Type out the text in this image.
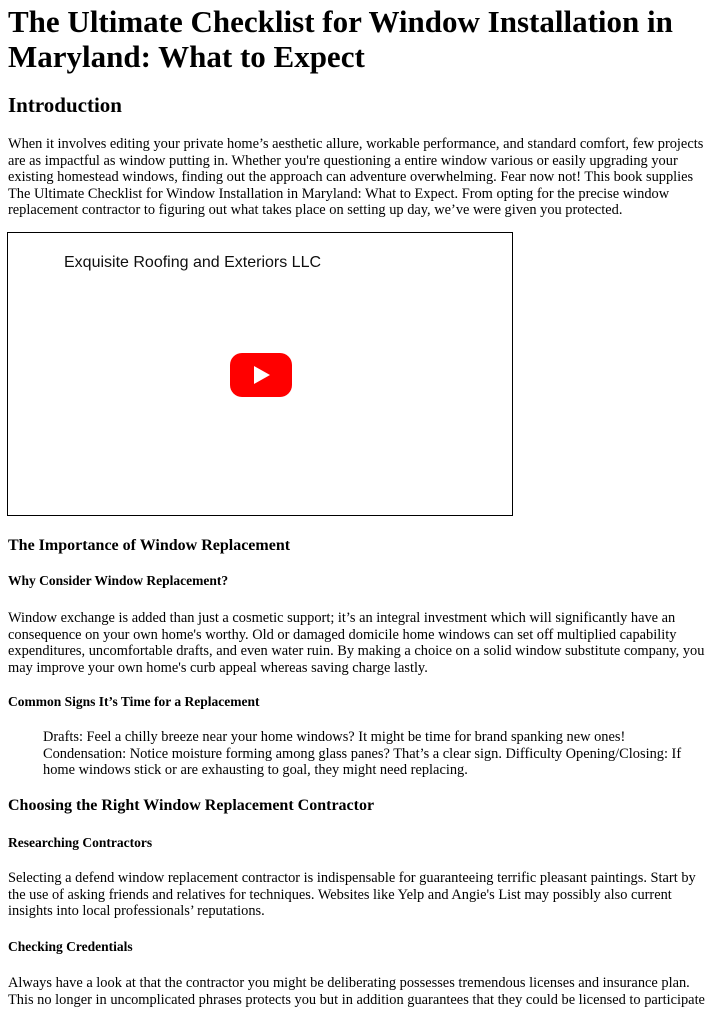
The Ultimate Checklist for Window Installation in Maryland: What to Expect
Introduction

When it involves editing your private home’s aesthetic allure, workable performance, and standard comfort, few projects are as impactful as window putting in. Whether you're questioning a entire window various or easily upgrading your existing homestead windows, finding out the approach can adventure overwhelming. Fear now not! This book supplies The Ultimate Checklist for Window Installation in Maryland: What to Expect. From opting for the precise window replacement contractor to figuring out what takes place on setting up day, we’ve were given you protected.

Exquisite Roofing and Exteriors LLC
The Importance of Window Replacement
Why Consider Window Replacement?

Window exchange is added than just a cosmetic support; it’s an integral investment which will significantly have an consequence on your own home's worthy. Old or damaged domicile home windows can set off multiplied capability expenditures, uncomfortable drafts, and even water ruin. By making a choice on a solid window substitute company, you may improve your own home's curb appeal whereas saving charge lastly.

Common Signs It’s Time for a Replacement

Drafts: Feel a chilly breeze near your home windows? It might be time for brand spanking new ones! Condensation: Notice moisture forming among glass panes? That’s a clear sign. Difficulty Opening/Closing: If home windows stick or are exhausting to goal, they might need replacing.

Choosing the Right Window Replacement Contractor
Researching Contractors

Selecting a defend window replacement contractor is indispensable for guaranteeing terrific pleasant paintings. Start by the use of asking friends and relatives for techniques. Websites like Yelp and Angie's List may possibly also current insights into local professionals’ reputations.

Checking Credentials

Always have a look at that the contractor you might be deliberating possesses tremendous licenses and insurance plan. This no longer in uncomplicated phrases protects you but in addition guarantees that they could be licensed to participate
